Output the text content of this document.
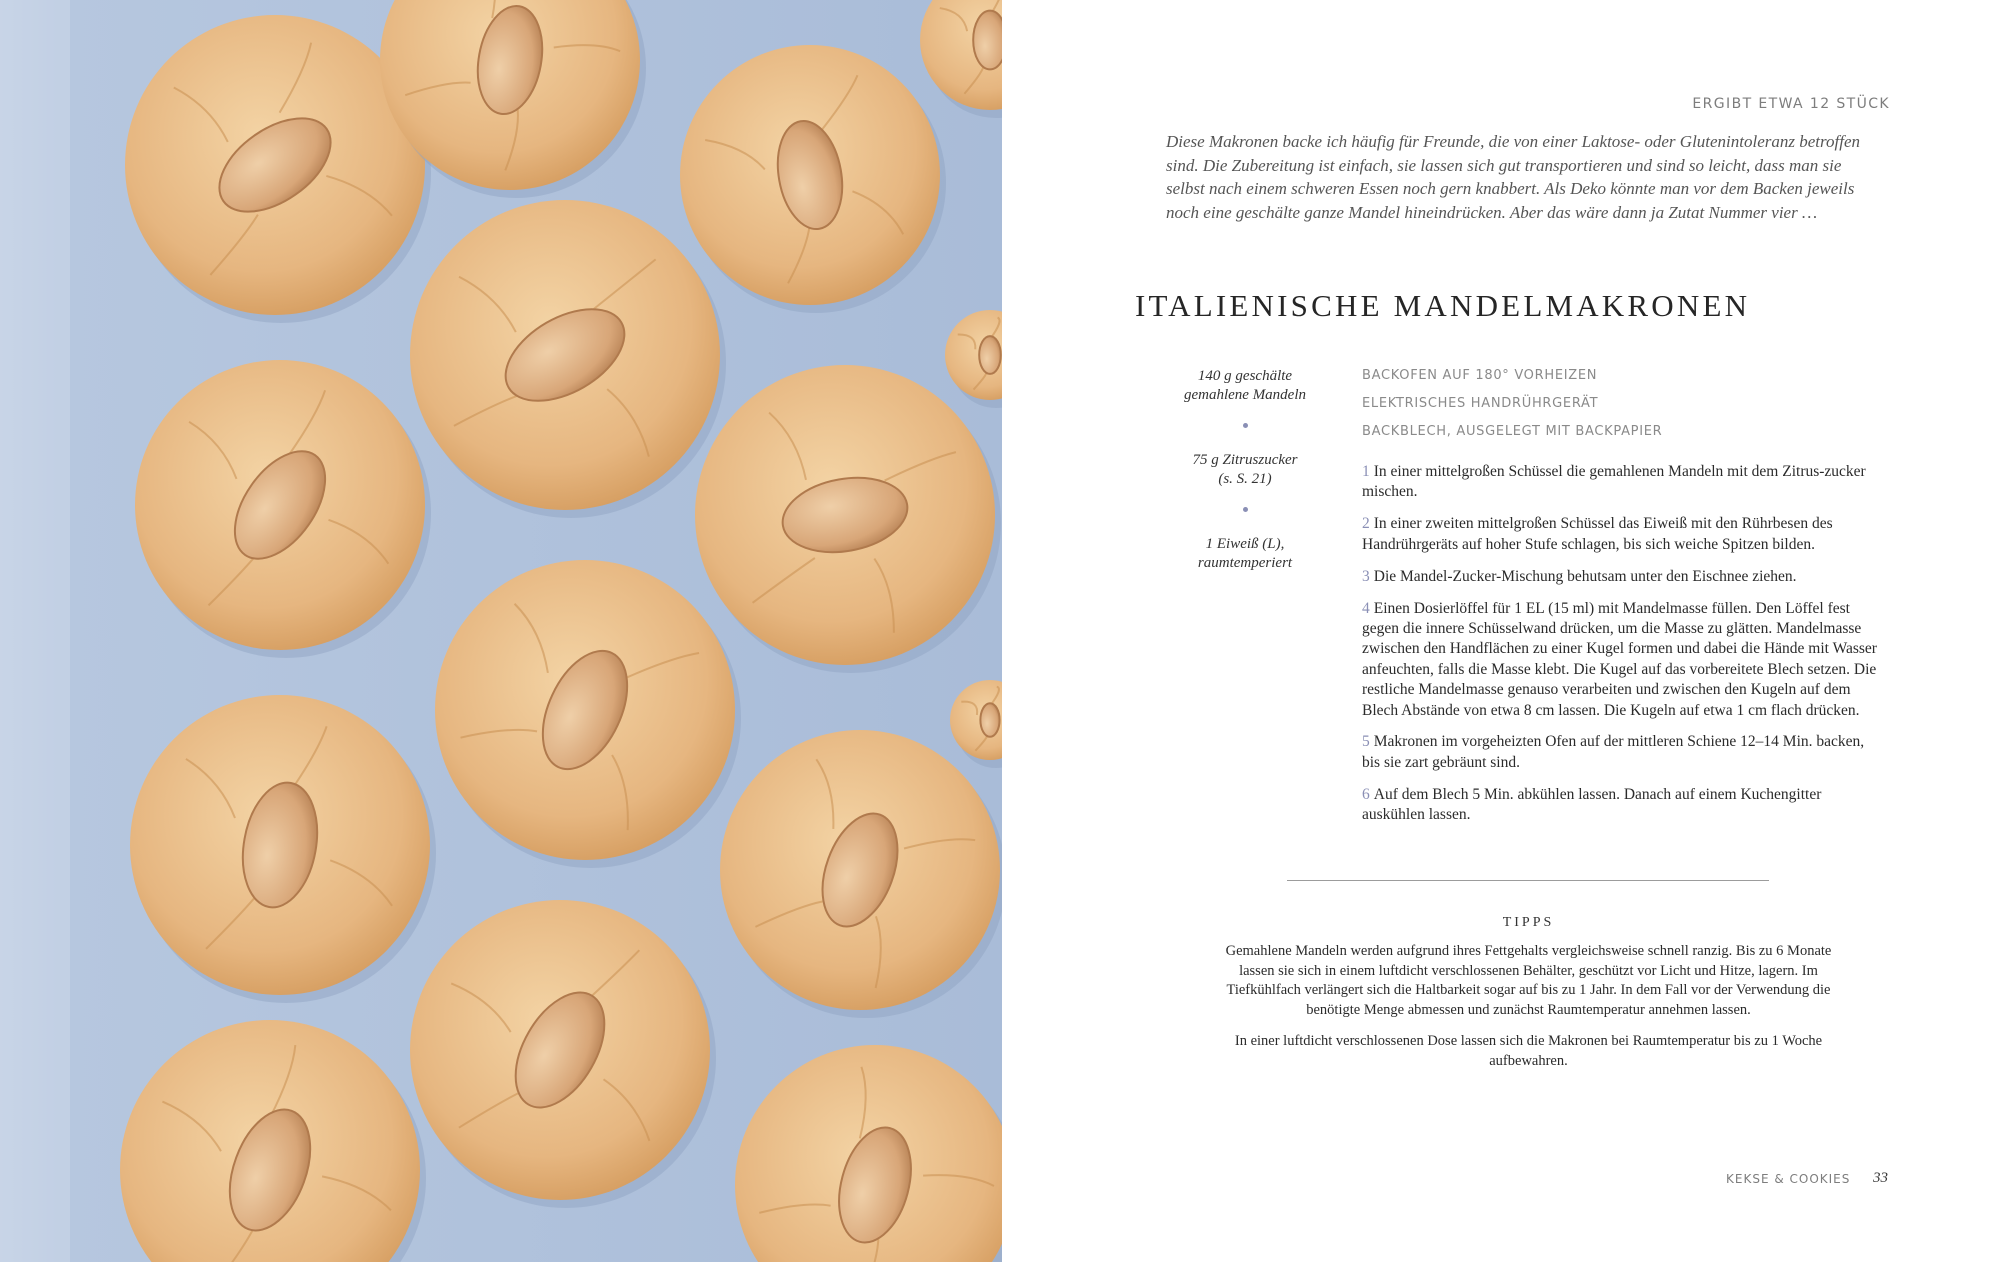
ERGIBT ETWA 12 STÜCK

Diese Makronen backe ich häufig für Freunde, die von einer Laktose- oder Glutenintoleranz betroffen sind. Die Zubereitung ist einfach, sie lassen sich gut transportieren und sind so leicht, dass man sie selbst nach einem schweren Essen noch gern knabbert. Als Deko könnte man vor dem Backen jeweils noch eine geschälte ganze Mandel hineindrücken. Aber das wäre dann ja Zutat Nummer vier …

ITALIENISCHE MANDELMAKRONEN
140 g geschälte
gemahlene Mandeln
75 g Zitruszucker
(s. S. 21)
1 Eiweiß (L),
raumtemperiert
BACKOFEN AUF 180° VORHEIZEN
ELEKTRISCHES HANDRÜHRGERÄT
BACKBLECH, AUSGELEGT MIT BACKPAPIER

1 In einer mittelgroßen Schüssel die gemahlenen Mandeln mit dem Zitrus-zucker mischen.

2 In einer zweiten mittelgroßen Schüssel das Eiweiß mit den Rührbesen des Handrührgeräts auf hoher Stufe schlagen, bis sich weiche Spitzen bilden.

3 Die Mandel-Zucker-Mischung behutsam unter den Eischnee ziehen.

4 Einen Dosierlöffel für 1 EL (15 ml) mit Mandelmasse füllen. Den Löffel fest gegen die innere Schüsselwand drücken, um die Masse zu glätten. Mandelmasse zwischen den Handflächen zu einer Kugel formen und dabei die Hände mit Wasser anfeuchten, falls die Masse klebt. Die Kugel auf das vorbereitete Blech setzen. Die restliche Mandelmasse genauso verarbeiten und zwischen den Kugeln auf dem Blech Abstände von etwa 8 cm lassen. Die Kugeln auf etwa 1 cm flach drücken.

5 Makronen im vorgeheizten Ofen auf der mittleren Schiene 12–14 Min. backen, bis sie zart gebräunt sind.

6 Auf dem Blech 5 Min. abkühlen lassen. Danach auf einem Kuchengitter auskühlen lassen.

TIPPS

Gemahlene Mandeln werden aufgrund ihres Fettgehalts vergleichsweise schnell ranzig. Bis zu 6 Monate lassen sie sich in einem luftdicht verschlossenen Behälter, geschützt vor Licht und Hitze, lagern. Im Tiefkühlfach verlängert sich die Haltbarkeit sogar auf bis zu 1 Jahr. In dem Fall vor der Verwendung die benötigte Menge abmessen und zunächst Raumtemperatur annehmen lassen.

In einer luftdicht verschlossenen Dose lassen sich die Makronen bei Raumtemperatur bis zu 1 Woche aufbewahren.

KEKSE & COOKIES 33
